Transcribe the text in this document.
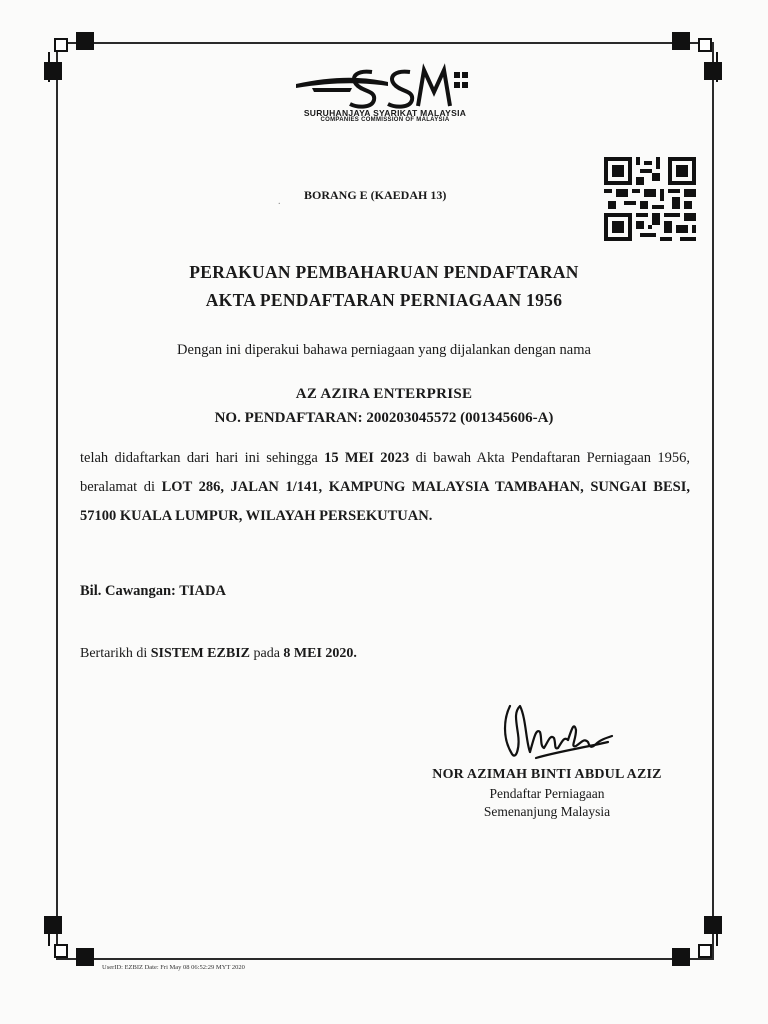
SSM
SURUHANJAYA SYARIKAT MALAYSIA
COMPANIES COMMISSION OF MALAYSIA
. BORANG E (KAEDAH 13)
PERAKUAN PEMBAHARUAN PENDAFTARAN
AKTA PENDAFTARAN PERNIAGAAN 1956
Dengan ini diperakui bahawa perniagaan yang dijalankan dengan nama
AZ AZIRA ENTERPRISE
NO. PENDAFTARAN: 200203045572 (001345606-A)
telah didaftarkan dari hari ini sehingga 15 MEI 2023 di bawah Akta Pendaftaran Perniagaan 1956, beralamat di LOT 286, JALAN 1/141, KAMPUNG MALAYSIA TAMBAHAN, SUNGAI BESI, 57100 KUALA LUMPUR, WILAYAH PERSEKUTUAN.
Bil. Cawangan: TIADA
Bertarikh di SISTEM EZBIZ pada 8 MEI 2020.
NOR AZIMAH BINTI ABDUL AZIZ
Pendaftar Perniagaan
Semenanjung Malaysia
UserID: EZBIZ Date: Fri May 08 06:52:29 MYT 2020
